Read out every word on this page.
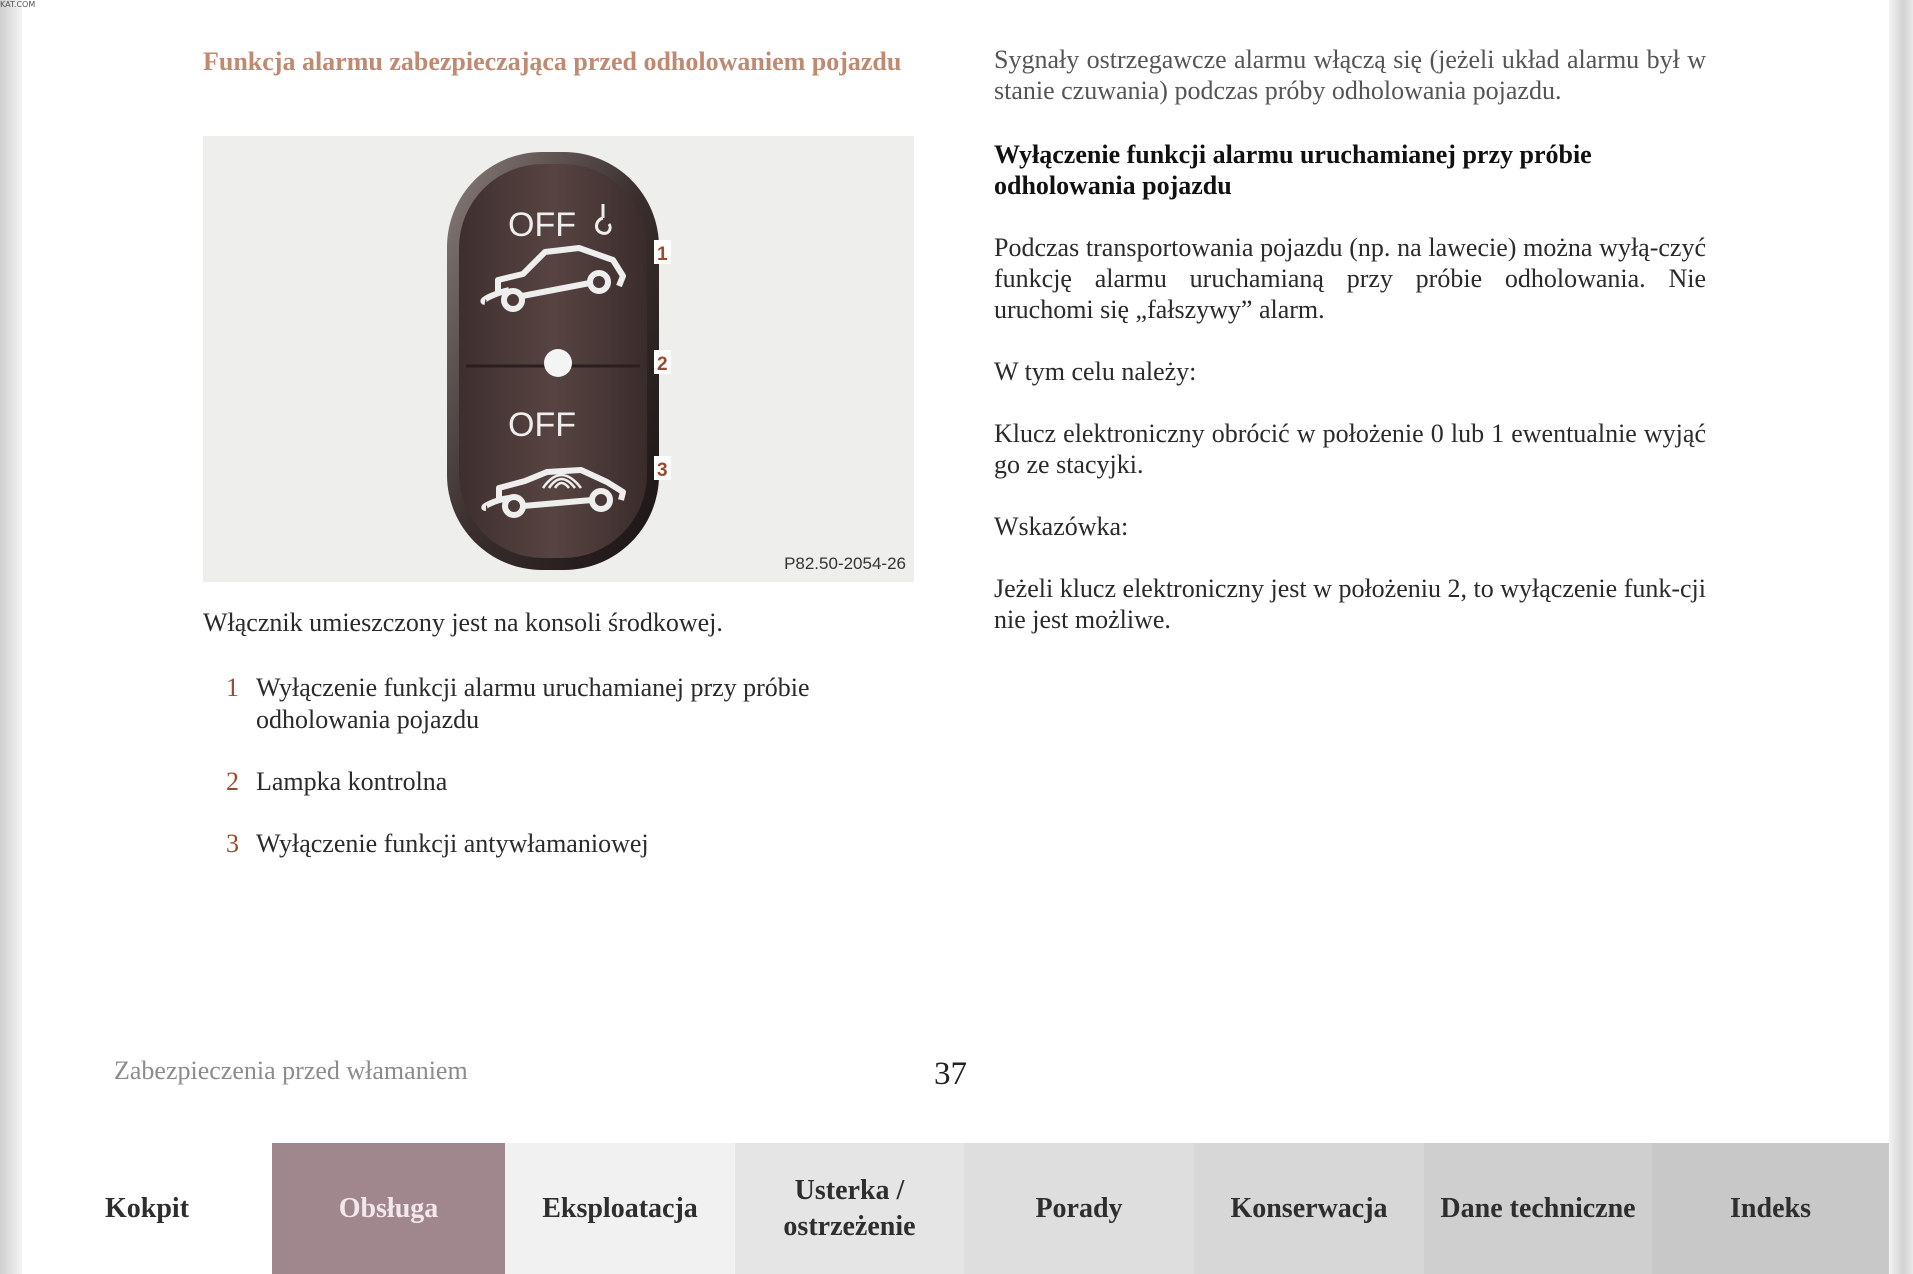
KAT.COM
Funkcja alarmu zabezpieczająca przed odholowaniem pojazdu
OFF
OFF
1
2
3
P82.50-2054-26
Włącznik umieszczony jest na konsoli środkowej.
1 Wyłączenie funkcji alarmu uruchamianej przy próbie odholowania pojazdu
2 Lampka kontrolna
3 Wyłączenie funkcji antywłamaniowej

Sygnały ostrzegawcze alarmu włączą się (jeżeli układ alarmu był w stanie czuwania) podczas próby odholowania pojazdu.

Wyłączenie funkcji alarmu uruchamianej przy próbie odholowania pojazdu

Podczas transportowania pojazdu (np. na lawecie) można wyłą-czyć funkcję alarmu uruchamianą przy próbie odholowania. Nie uruchomi się „fałszywy” alarm.

W tym celu należy:

Klucz elektroniczny obrócić w położenie 0 lub 1 ewentualnie wyjąć go ze stacyjki.

Wskazówka:

Jeżeli klucz elektroniczny jest w położeniu 2, to wyłączenie funk-cji nie jest możliwe.

Zabezpieczenia przed włamaniem	37
Kokpit	Obsługa	Eksploatacja
Usterka / ostrzeżenie
Porady	Konserwacja	Dane techniczne	Indeks
